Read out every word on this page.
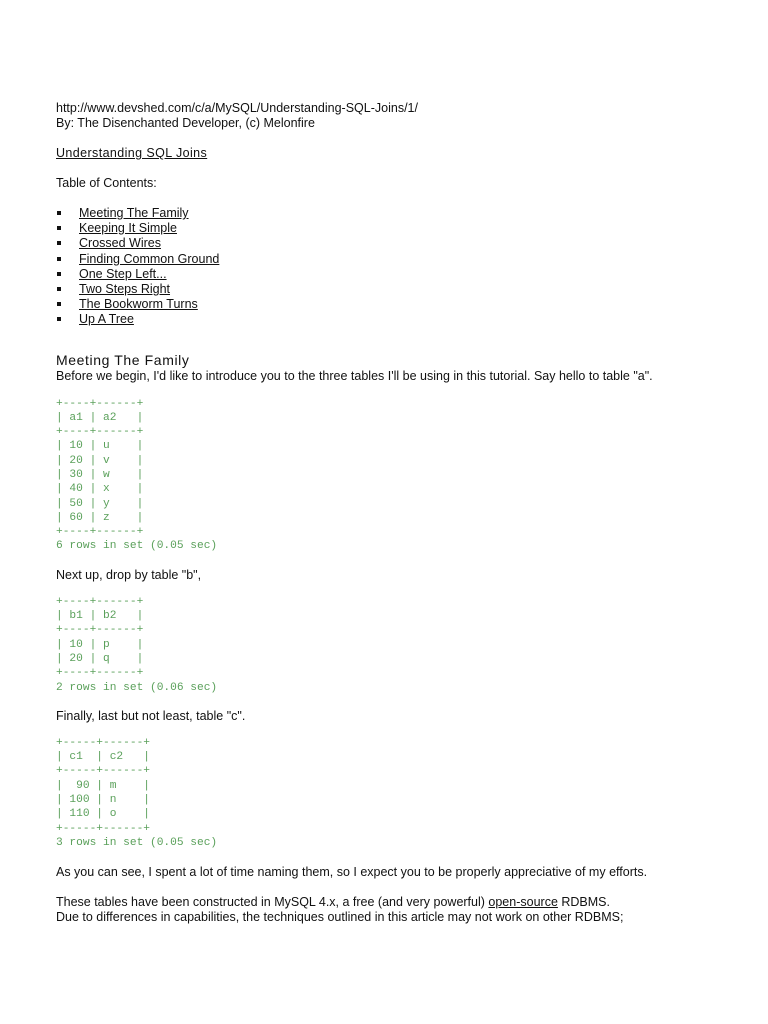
http://www.devshed.com/c/a/MySQL/Understanding-SQL-Joins/1/
By: The Disenchanted Developer, (c) Melonfire
Understanding SQL Joins
Table of Contents:
Meeting The Family
Keeping It Simple
Crossed Wires
Finding Common Ground
One Step Left...
Two Steps Right
The Bookworm Turns
Up A Tree
Meeting The Family

Before we begin, I'd like to introduce you to the three tables I'll be using in this tutorial. Say hello to table "a".

+----+------+
| a1 | a2   |
+----+------+
| 10 | u    |
| 20 | v    |
| 30 | w    |
| 40 | x    |
| 50 | y    |
| 60 | z    |
+----+------+
6 rows in set (0.05 sec)

Next up, drop by table "b",

+----+------+
| b1 | b2   |
+----+------+
| 10 | p    |
| 20 | q    |
+----+------+
2 rows in set (0.06 sec)

Finally, last but not least, table "c".

+-----+------+
| c1  | c2   |
+-----+------+
|  90 | m    |
| 100 | n    |
| 110 | o    |
+-----+------+
3 rows in set (0.05 sec)

As you can see, I spent a lot of time naming them, so I expect you to be properly appreciative of my efforts.

These tables have been constructed in MySQL 4.x, a free (and very powerful) open-source RDBMS.
Due to differences in capabilities, the techniques outlined in this article may not work on other RDBMS;
